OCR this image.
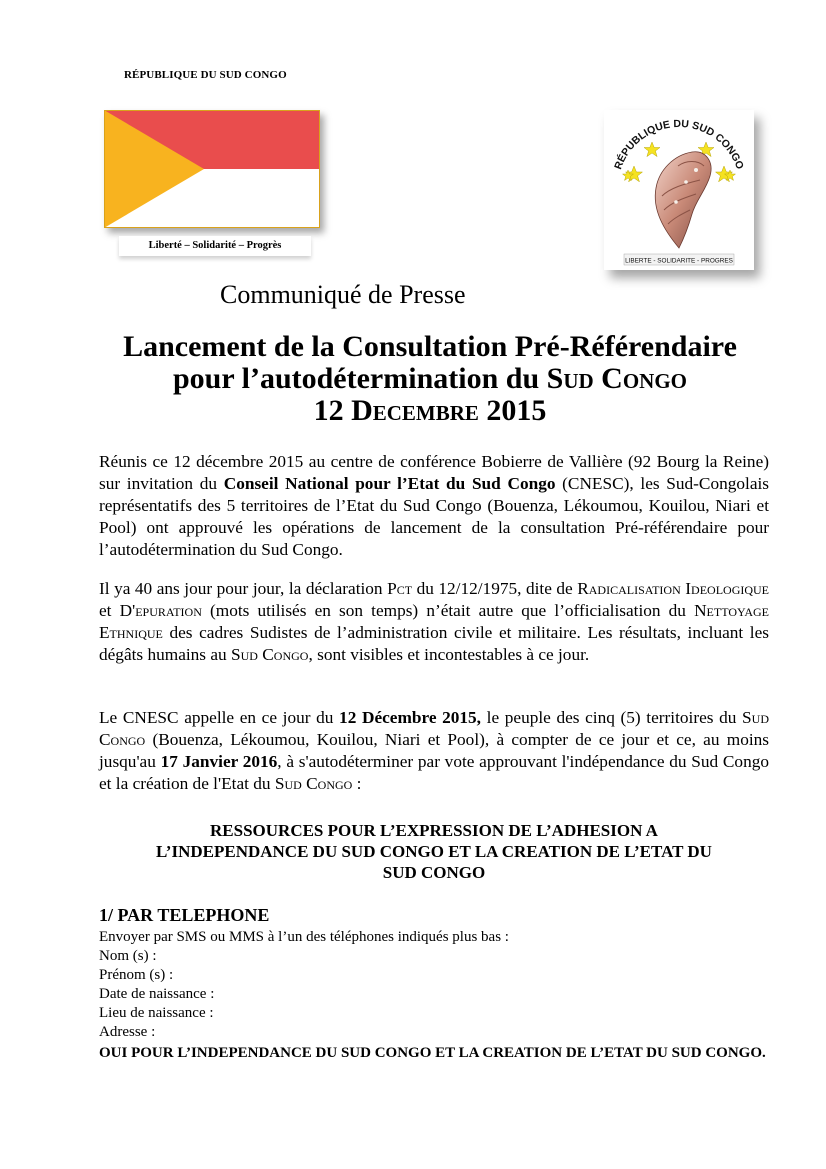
RÉPUBLIQUE DU SUD CONGO
Liberté – Solidarité – Progrès
RÉPUBLIQUE DU SUD CONGO
LIBERTE - SOLIDARITE - PROGRES
Communiqué de Presse
Lancement de la Consultation Pré-Référendaire
pour l’autodétermination du Sud Congo
12 Decembre 2015
Réunis ce 12 décembre 2015 au centre de conférence Bobierre de Vallière (92 Bourg la Reine) sur invitation du Conseil National pour l’Etat du Sud Congo (CNESC), les Sud-Congolais représentatifs des 5 territoires de l’Etat du Sud Congo (Bouenza, Lékoumou, Kouilou, Niari et Pool) ont approuvé les opérations de lancement de la consultation Pré-référendaire pour l’autodétermination du Sud Congo.
Il ya 40 ans jour pour jour, la déclaration Pct du 12/12/1975, dite de Radicalisation Ideologique et D'epuration (mots utilisés en son temps) n’était autre que l’officialisation du Nettoyage Ethnique des cadres Sudistes de l’administration civile et militaire. Les résultats, incluant les dégâts humains au Sud Congo, sont visibles et incontestables à ce jour.
Le CNESC appelle en ce jour du 12 Décembre 2015, le peuple des cinq (5) territoires du Sud Congo (Bouenza, Lékoumou, Kouilou, Niari et Pool), à compter de ce jour et ce, au moins jusqu'au 17 Janvier 2016, à s'autodéterminer par vote approuvant l'indépendance du Sud Congo et la création de l'Etat du Sud Congo :
RESSOURCES POUR L’EXPRESSION DE L’ADHESION A
L’INDEPENDANCE DU SUD CONGO ET LA CREATION DE L’ETAT DU
SUD CONGO
1/ PAR TELEPHONE
Envoyer par SMS ou MMS à l’un des téléphones indiqués plus bas :
Nom (s) :
Prénom (s) :
Date de naissance :
Lieu de naissance :
Adresse :
OUI POUR L’INDEPENDANCE DU SUD CONGO ET LA CREATION DE L’ETAT DU SUD CONGO.
